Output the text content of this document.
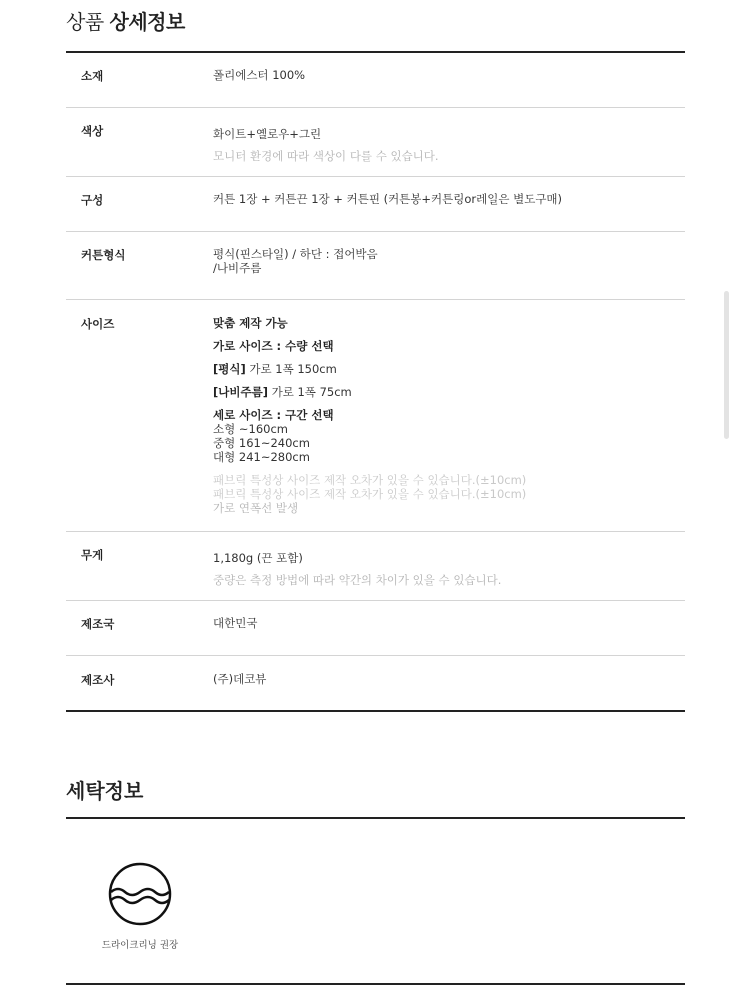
상품 상세정보
소재	폴리에스터 100%
색상	화이트+옐로우+그린
모니터 환경에 따라 색상이 다를 수 있습니다.
구성	커튼 1장 + 커튼끈 1장 + 커튼핀 (커튼봉+커튼링or레일은 별도구매)
커튼형식	평식(핀스타일) / 하단 : 접어박음
/나비주름
사이즈	맞춤 제작 가능
가로 사이즈 : 수량 선택
[평식] 가로 1폭 150cm
[나비주름] 가로 1폭 75cm
세로 사이즈 : 구간 선택
소형 ~160cm
중형 161~240cm
대형 241~280cm
패브릭 특성상 사이즈 제작 오차가 있을 수 있습니다.(±10cm)
패브릭 특성상 사이즈 제작 오차가 있을 수 있습니다.(±10cm)
가로 연폭선 발생
무게	1,180g (끈 포함)
중량은 측정 방법에 따라 약간의 차이가 있을 수 있습니다.
제조국	대한민국
제조사	(주)데코뷰
세탁정보
드라이크리닝 권장
